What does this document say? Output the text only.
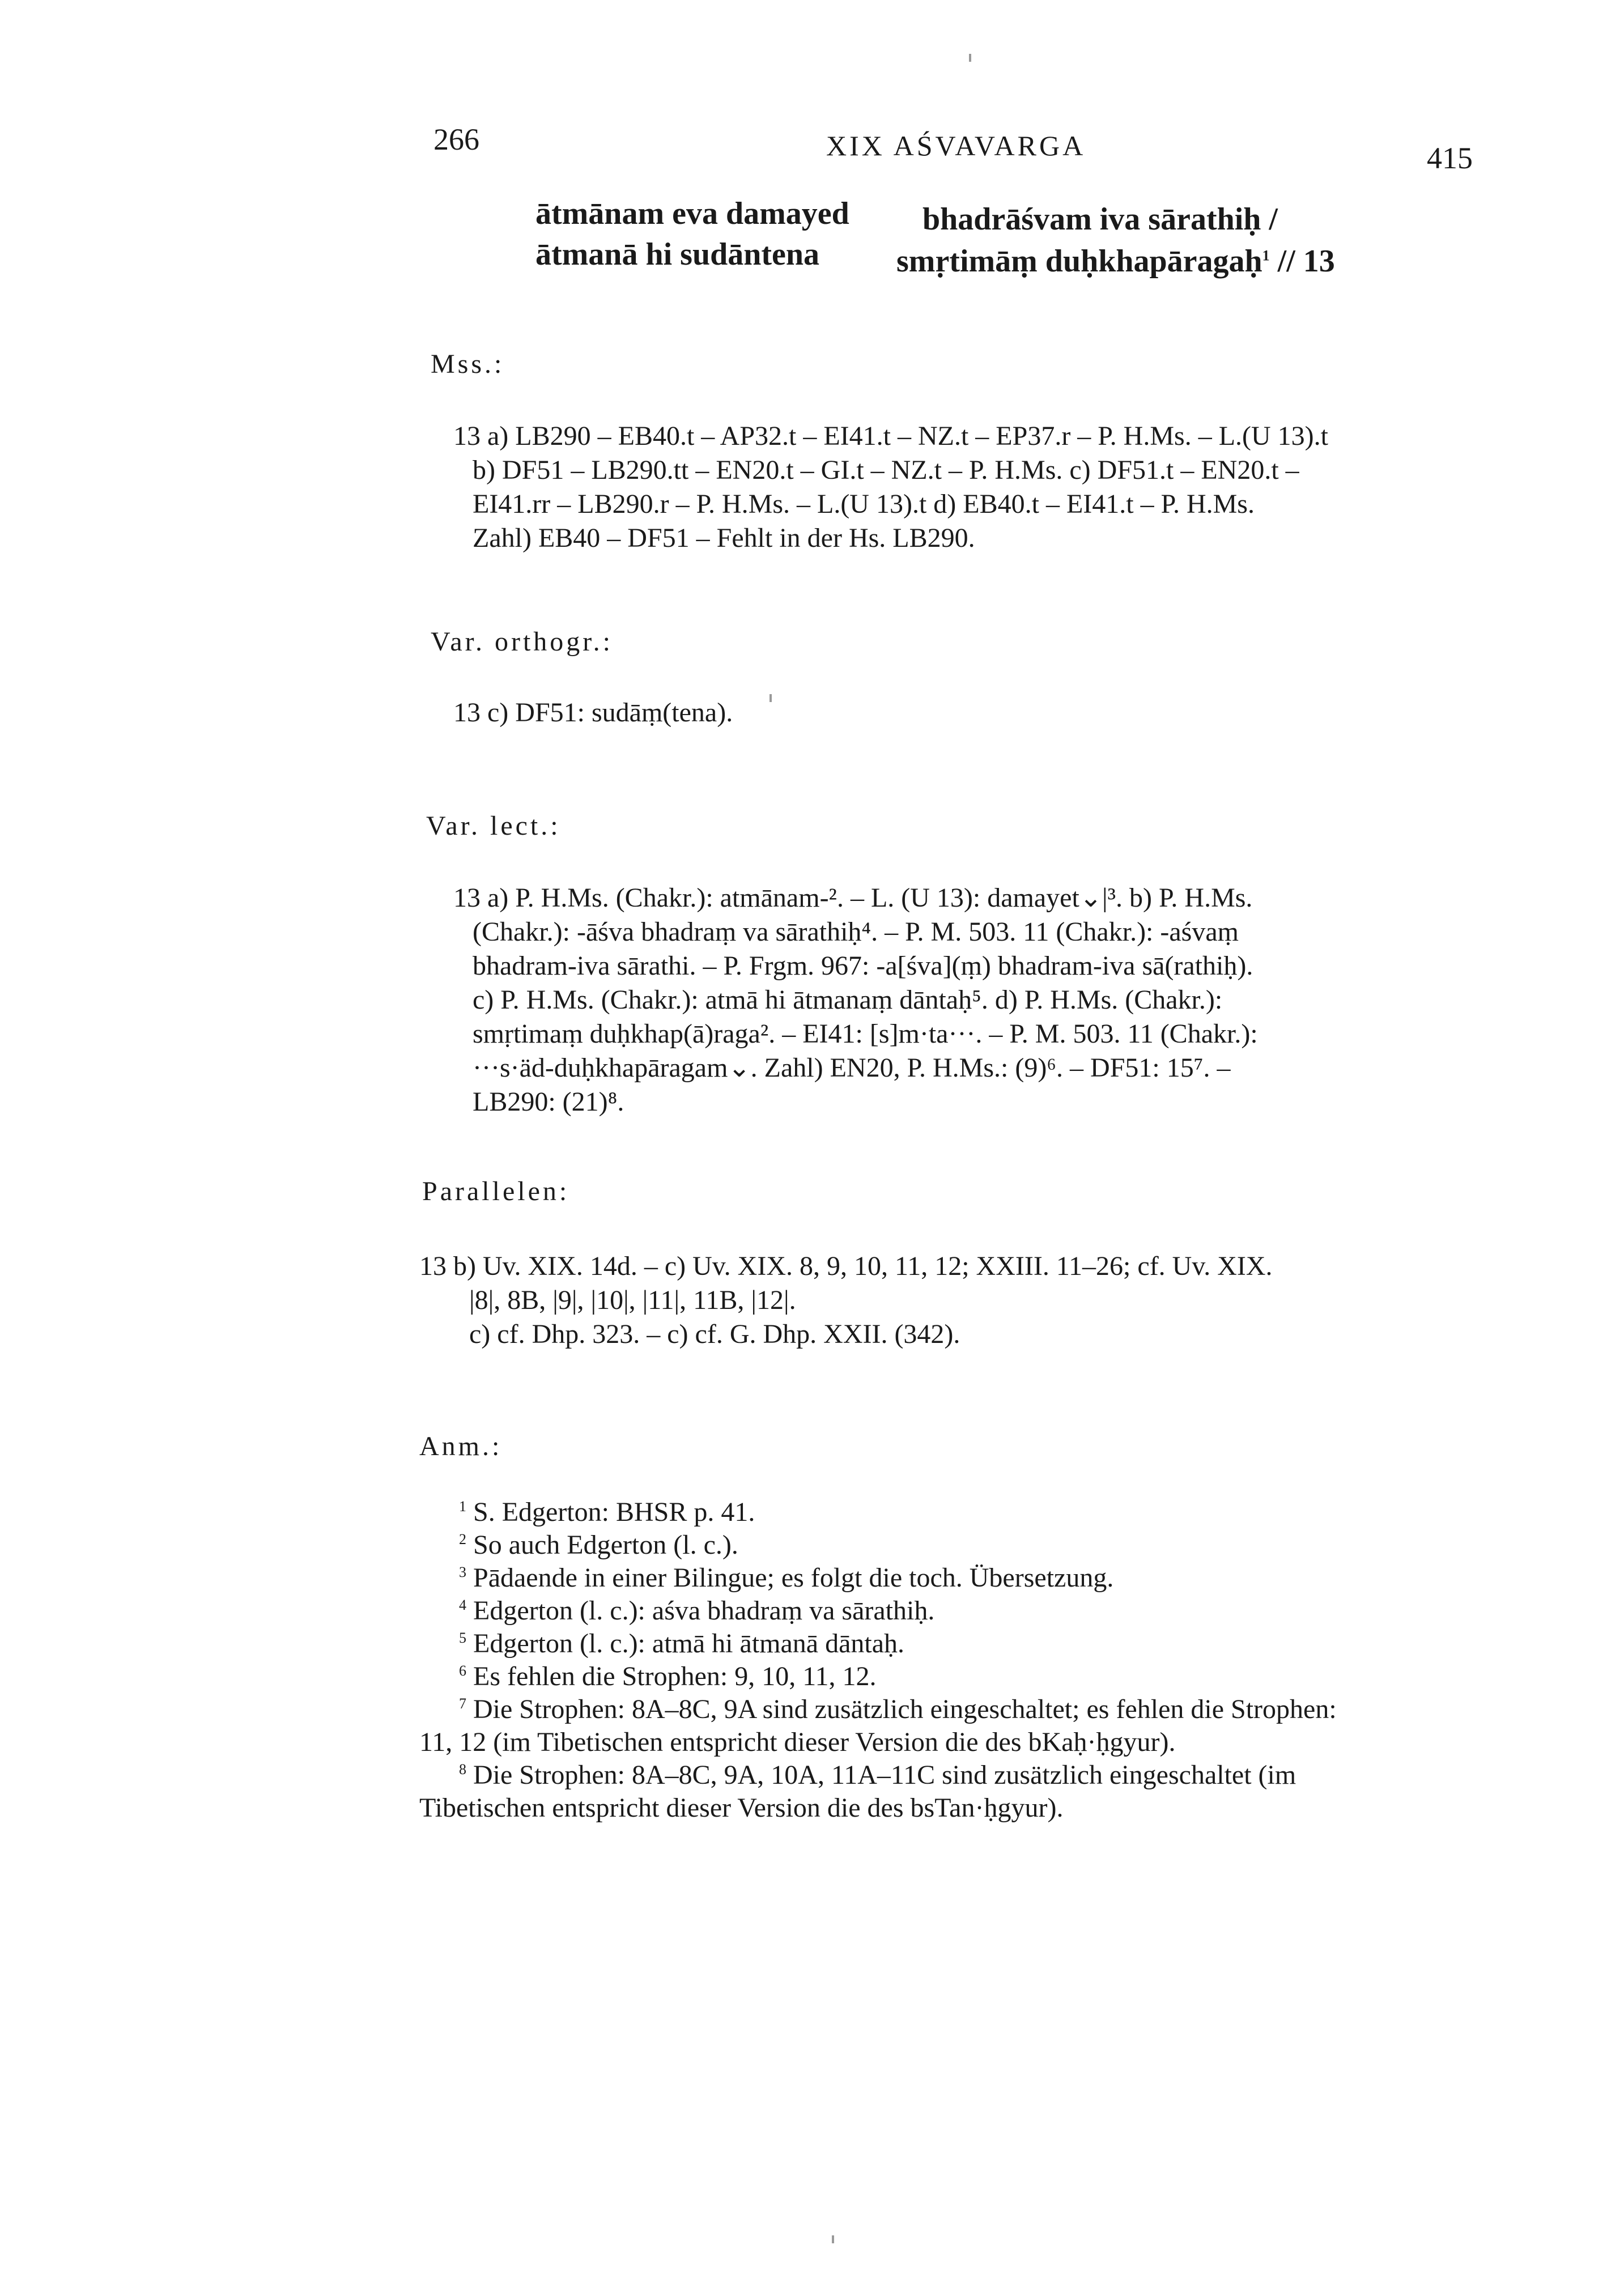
266	XIX AŚVAVARGA	415
ātmānam eva damayed bhadrāśvam iva sārathiḥ /
ātmanā hi sudāntena smṛtimāṃ duḥkhapāragaḥ$^1$ // 13
Mss.:
13 a) LB290 – EB40.t – AP32.t – EI41.t – NZ.t – EP37.r – P. H.Ms. – L.(U 13).t
b) DF51 – LB290.tt – EN20.t – GI.t – NZ.t – P. H.Ms. c) DF51.t – EN20.t –
EI41.rr – LB290.r – P. H.Ms. – L.(U 13).t d) EB40.t – EI41.t – P. H.Ms.
Zahl) EB40 – DF51 – Fehlt in der Hs. LB290.
Var. orthogr.:
13 c) DF51: sudāṃ(tena).
Var. lect.:
13 a) P. H.Ms. (Chakr.): atmānam-². – L. (U 13): damayet⌄|³. b) P. H.Ms.
(Chakr.): -āśva bhadraṃ va sārathiḥ⁴. – P. M. 503. 11 (Chakr.): -aśvaṃ
bhadram-iva sārathi. – P. Frgm. 967: -a[śva](ṃ) bhadram-iva sā(rathiḥ).
c) P. H.Ms. (Chakr.): atmā hi ātmanaṃ dāntaḥ⁵. d) P. H.Ms. (Chakr.):
smṛtimaṃ duḥkhap(ā)raga². – EI41: [s]m·ta···. – P. M. 503. 11 (Chakr.):
···s·äd-duḥkhapāragam⌄. Zahl) EN20, P. H.Ms.: (9)⁶. – DF51: 15⁷. –
LB290: (21)⁸.
Parallelen:
13 b) Uv. XIX. 14d. – c) Uv. XIX. 8, 9, 10, 11, 12; XXIII. 11–26; cf. Uv. XIX.
|8|, 8B, |9|, |10|, |11|, 11B, |12|.
c) cf. Dhp. 323. – c) cf. G. Dhp. XXII. (342).
Anm.:
$^1$ S. Edgerton: BHSR p. 41.
$^2$ So auch Edgerton (l. c.).
$^3$ Pādaende in einer Bilingue; es folgt die toch. Übersetzung.
$^4$ Edgerton (l. c.): aśva bhadraṃ va sārathiḥ.
$^5$ Edgerton (l. c.): atmā hi ātmanā dāntaḥ.
$^6$ Es fehlen die Strophen: 9, 10, 11, 12.
$^7$ Die Strophen: 8A–8C, 9A sind zusätzlich eingeschaltet; es fehlen die Strophen:
11, 12 (im Tibetischen entspricht dieser Version die des bKaḥ·ḥgyur).
$^8$ Die Strophen: 8A–8C, 9A, 10A, 11A–11C sind zusätzlich eingeschaltet (im
Tibetischen entspricht dieser Version die des bsTan·ḥgyur).
